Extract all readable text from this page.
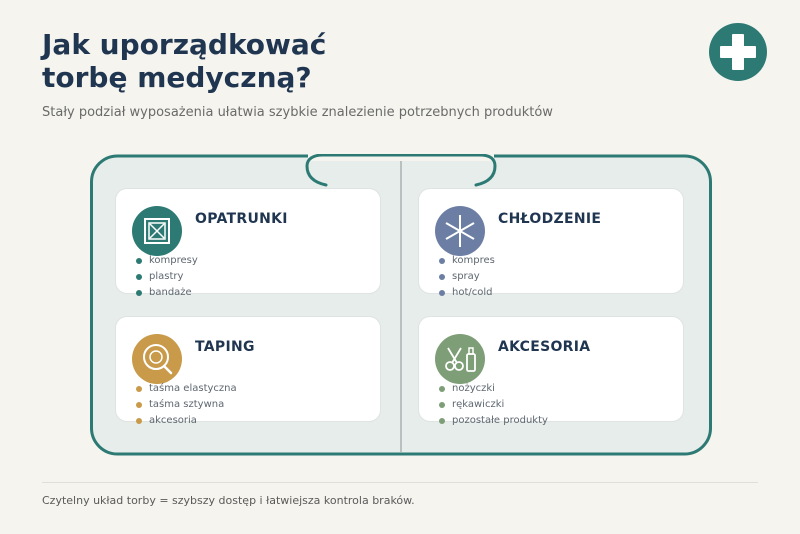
Jak uporządkować
torbę medyczną?
Stały podział wyposażenia ułatwia szybkie znalezienie potrzebnych produktów
OPATRUNKI
kompresy
plastry
bandaże
CHŁODZENIE
kompres
spray
hot/cold
TAPING
taśma elastyczna
taśma sztywna
akcesoria
AKCESORIA
nożyczki
rękawiczki
pozostałe produkty
Czytelny układ torby = szybszy dostęp i łatwiejsza kontrola braków.
